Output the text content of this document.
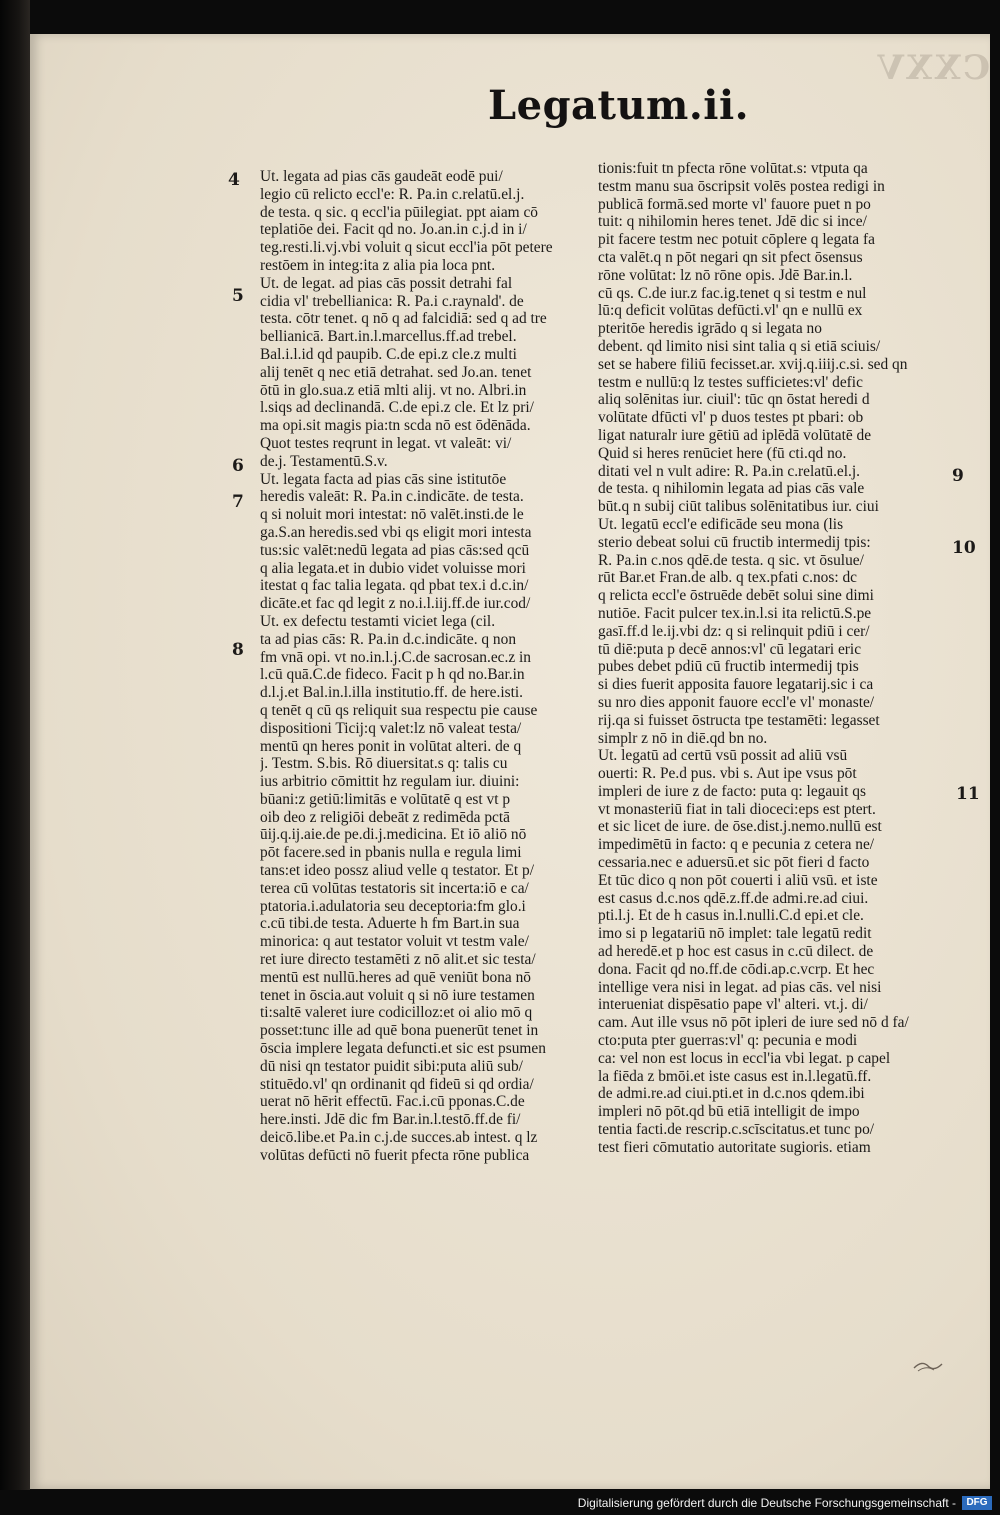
CXXV
Legatum.ii.
4
5
6
7
8
9
10
11
Ut. legata ad pias cās gaudeāt eodē pui/
legio cū relicto eccl'e: R. Pa.in c.relatū.el.j.
de testa. q sic. q eccl'ia pūilegiat. ppt aiam cō
teplatiōe dei. Facit qd no. Jo.an.in c.j.d in i/
teg.resti.li.vj.vbi voluit q sicut eccl'ia pōt petere
restōem in integ:ita z alia pia loca pnt.
Ut. de legat. ad pias cās possit detrahi fal
cidia vl' trebellianica: R. Pa.i c.raynald'. de
testa. cōtr tenet. q nō q ad falcidiā: sed q ad tre
bellianicā. Bart.in.l.marcellus.ff.ad trebel.
Bal.i.l.id qd paupib. C.de epi.z cle.z multi
alij tenēt q nec etiā detrahat. sed Jo.an. tenet
ōtū in glo.sua.z etiā mlti alij. vt no. Albri.in
l.siqs ad declinandā. C.de epi.z cle. Et lz pri/
ma opi.sit magis pia:tn scda nō est ōdēnāda.
Quot testes reqrunt in legat. vt valeāt: vi/
de.j. Testamentū.S.v.
Ut. legata facta ad pias cās sine istitutōe
heredis valeāt: R. Pa.in c.indicāte. de testa.
q si noluit mori intestat: nō valēt.insti.de le
ga.S.an heredis.sed vbi qs eligit mori intesta
tus:sic valēt:nedū legata ad pias cās:sed qcū
q alia legata.et in dubio videt voluisse mori
itestat q fac talia legata. qd pbat tex.i d.c.in/
dicāte.et fac qd legit z no.i.l.iij.ff.de iur.cod/
Ut. ex defectu testamti viciet lega (cil.
ta ad pias cās: R. Pa.in d.c.indicāte. q non
fm vnā opi. vt no.in.l.j.C.de sacrosan.ec.z in
l.cū quā.C.de fideco. Facit p h qd no.Bar.in
d.l.j.et Bal.in.l.illa institutio.ff. de here.isti.
q tenēt q cū qs reliquit sua respectu pie cause
dispositioni Ticij:q valet:lz nō valeat testa/
mentū qn heres ponit in volūtat alteri. de q
j. Testm. S.bis. Rō diuersitat.s q: talis cu
ius arbitrio cōmittit hz regulam iur. diuini:
būani:z getiū:limitās e volūtatē q est vt p
oib deo z religiōi debeāt z redimēda pctā
ūij.q.ij.aie.de pe.di.j.medicina. Et iō aliō nō
pōt facere.sed in pbanis nulla e regula limi
tans:et ideo possz aliud velle q testator. Et p/
terea cū volūtas testatoris sit incerta:iō e ca/
ptatoria.i.adulatoria seu deceptoria:fm glo.i
c.cū tibi.de testa. Aduerte h fm Bart.in sua
minorica: q aut testator voluit vt testm vale/
ret iure directo testamēti z nō alit.et sic testa/
mentū est nullū.heres ad quē veniūt bona nō
tenet in ōscia.aut voluit q si nō iure testamen
ti:saltē valeret iure codicilloz:et oi alio mō q
posset:tunc ille ad quē bona puenerūt tenet in
ōscia implere legata defuncti.et sic est psumen
dū nisi qn testator puidit sibi:puta aliū sub/
stituēdo.vl' qn ordinanit qd fideū si qd ordia/
uerat nō hērit effectū. Fac.i.cū pponas.C.de
here.insti. Jdē dic fm Bar.in.l.testō.ff.de fi/
deicō.libe.et Pa.in c.j.de succes.ab intest. q lz
volūtas defūcti nō fuerit pfecta rōne publica
tionis:fuit tn pfecta rōne volūtat.s: vtputa qa
testm manu sua ōscripsit volēs postea redigi in
publicā formā.sed morte vl' fauore puet n po
tuit: q nihilomin heres tenet. Jdē dic si ince/
pit facere testm nec potuit cōplere q legata fa
cta valēt.q n pōt negari qn sit pfect ōsensus
rōne volūtat: lz nō rōne opis. Jdē Bar.in.l.
cū qs. C.de iur.z fac.ig.tenet q si testm e nul
lū:q deficit volūtas defūcti.vl' qn e nullū ex
pteritōe heredis igrādo q si legata no
debent. qd limito nisi sint talia q si etiā sciuis/
set se habere filiū fecisset.ar. xvij.q.iiij.c.si. sed qn
testm e nullū:q lz testes sufficietes:vl' defic
aliq solēnitas iur. ciuil': tūc qn ōstat heredi d
volūtate dfūcti vl' p duos testes pt pbari: ob
ligat naturalr iure gētiū ad iplēdā volūtatē de
Quid si heres renūciet here (fū cti.qd no.
ditati vel n vult adire: R. Pa.in c.relatū.el.j.
de testa. q nihilomin legata ad pias cās vale
būt.q n subij ciūt talibus solēnitatibus iur. ciui
Ut. legatū eccl'e edificāde seu mona (lis
sterio debeat solui cū fructib intermedij tpis:
R. Pa.in c.nos qdē.de testa. q sic. vt ōsulue/
rūt Bar.et Fran.de alb. q tex.pfati c.nos: dc
q relicta eccl'e ōstruēde debēt solui sine dimi
nutiōe. Facit pulcer tex.in.l.si ita relictū.S.pe
gasī.ff.d le.ij.vbi dz: q si relinquit pdiū i cer/
tū diē:puta p decē annos:vl' cū legatari eric
pubes debet pdiū cū fructib intermedij tpis
si dies fuerit apposita fauore legatarij.sic i ca
su nro dies apponit fauore eccl'e vl' monaste/
rij.qa si fuisset ōstructa tpe testamēti: legasset
simplr z nō in diē.qd bn no.
Ut. legatū ad certū vsū possit ad aliū vsū
ouerti: R. Pe.d pus. vbi s. Aut ipe vsus pōt
impleri de iure z de facto: puta q: legauit qs
vt monasteriū fiat in tali dioceci:eps est ptert.
et sic licet de iure. de ōse.dist.j.nemo.nullū est
impedimētū in facto: q e pecunia z cetera ne/
cessaria.nec e aduersū.et sic pōt fieri d facto
Et tūc dico q non pōt couerti i aliū vsū. et iste
est casus d.c.nos qdē.z.ff.de admi.re.ad ciui.
pti.l.j. Et de h casus in.l.nulli.C.d epi.et cle.
imo si p legatariū nō implet: tale legatū redit
ad heredē.et p hoc est casus in c.cū dilect. de
dona. Facit qd no.ff.de cōdi.ap.c.vcrp. Et hec
intellige vera nisi in legat. ad pias cās. vel nisi
interueniat dispēsatio pape vl' alteri. vt.j. di/
cam. Aut ille vsus nō pōt ipleri de iure sed nō d fa/
cto:puta pter guerras:vl' q: pecunia e modi
ca: vel non est locus in eccl'ia vbi legat. p capel
la fiēda z bmōi.et iste casus est in.l.legatū.ff.
de admi.re.ad ciui.pti.et in d.c.nos qdem.ibi
impleri nō pōt.qd bū etiā intelligit de impo
tentia facti.de rescrip.c.scīscitatus.et tunc po/
test fieri cōmutatio autoritate sugioris. etiam
Digitalisierung gefördert durch die Deutsche Forschungsgemeinschaft -	DFG
